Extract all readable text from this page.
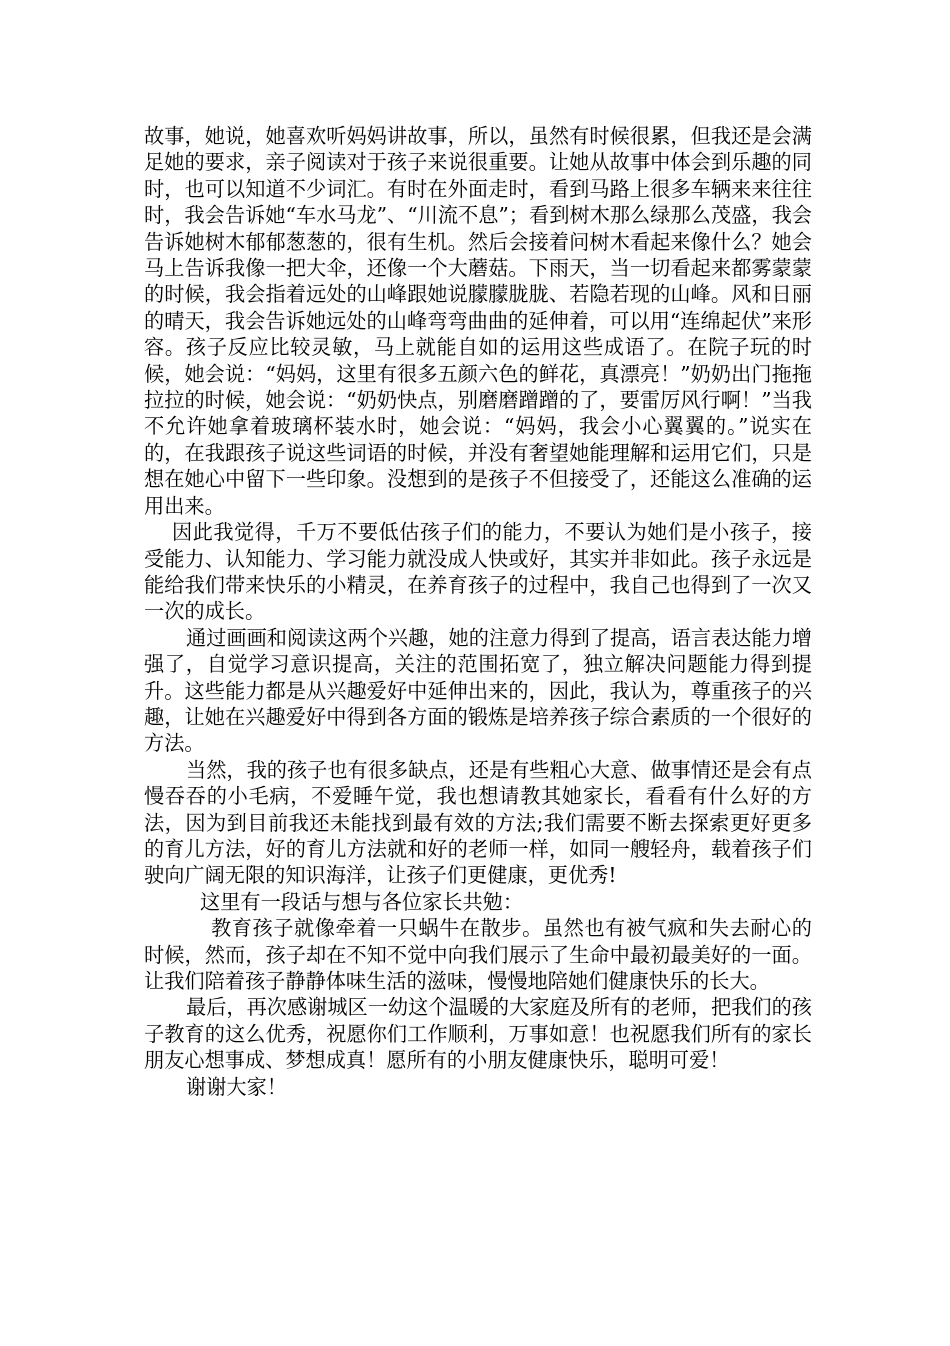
故事，她说，她喜欢听妈妈讲故事，所以，虽然有时候很累，但我还是会满足她的要求，亲子阅读对于孩子来说很重要。让她从故事中体会到乐趣的同时，也可以知道不少词汇。有时在外面走时，看到马路上很多车辆来来往往时，我会告诉她“车水马龙”、“川流不息”；看到树木那么绿那么茂盛，我会告诉她树木郁郁葱葱的，很有生机。然后会接着问树木看起来像什么？她会马上告诉我像一把大伞，还像一个大蘑菇。下雨天，当一切看起来都雾蒙蒙的时候，我会指着远处的山峰跟她说朦朦胧胧、若隐若现的山峰。风和日丽的晴天，我会告诉她远处的山峰弯弯曲曲的延伸着，可以用“连绵起伏”来形容。孩子反应比较灵敏，马上就能自如的运用这些成语了。在院子玩的时候，她会说：“妈妈，这里有很多五颜六色的鲜花，真漂亮！”奶奶出门拖拖拉拉的时候，她会说：“奶奶快点，别磨磨蹭蹭的了，要雷厉风行啊！”当我不允许她拿着玻璃杯装水时，她会说：“妈妈，我会小心翼翼的。”说实在的，在我跟孩子说这些词语的时候，并没有奢望她能理解和运用它们，只是想在她心中留下一些印象。没想到的是孩子不但接受了，还能这么准确的运用出来。

因此我觉得，千万不要低估孩子们的能力，不要认为她们是小孩子，接受能力、认知能力、学习能力就没成人快或好，其实并非如此。孩子永远是能给我们带来快乐的小精灵，在养育孩子的过程中，我自己也得到了一次又一次的成长。

通过画画和阅读这两个兴趣，她的注意力得到了提高，语言表达能力增强了，自觉学习意识提高，关注的范围拓宽了，独立解决问题能力得到提升。这些能力都是从兴趣爱好中延伸出来的，因此，我认为，尊重孩子的兴趣，让她在兴趣爱好中得到各方面的锻炼是培养孩子综合素质的一个很好的方法。

当然，我的孩子也有很多缺点，还是有些粗心大意、做事情还是会有点慢吞吞的小毛病，不爱睡午觉，我也想请教其她家长，看看有什么好的方法，因为到目前我还未能找到最有效的方法;我们需要不断去探索更好更多的育儿方法，好的育儿方法就和好的老师一样，如同一艘轻舟，载着孩子们驶向广阔无限的知识海洋，让孩子们更健康，更优秀!

这里有一段话与想与各位家长共勉：

教育孩子就像牵着一只蜗牛在散步。虽然也有被气疯和失去耐心的时候，然而，孩子却在不知不觉中向我们展示了生命中最初最美好的一面。让我们陪着孩子静静体味生活的滋味，慢慢地陪她们健康快乐的长大。

最后，再次感谢城区一幼这个温暖的大家庭及所有的老师，把我们的孩子教育的这么优秀，祝愿你们工作顺利，万事如意！也祝愿我们所有的家长朋友心想事成、梦想成真！愿所有的小朋友健康快乐，聪明可爱！

谢谢大家！
